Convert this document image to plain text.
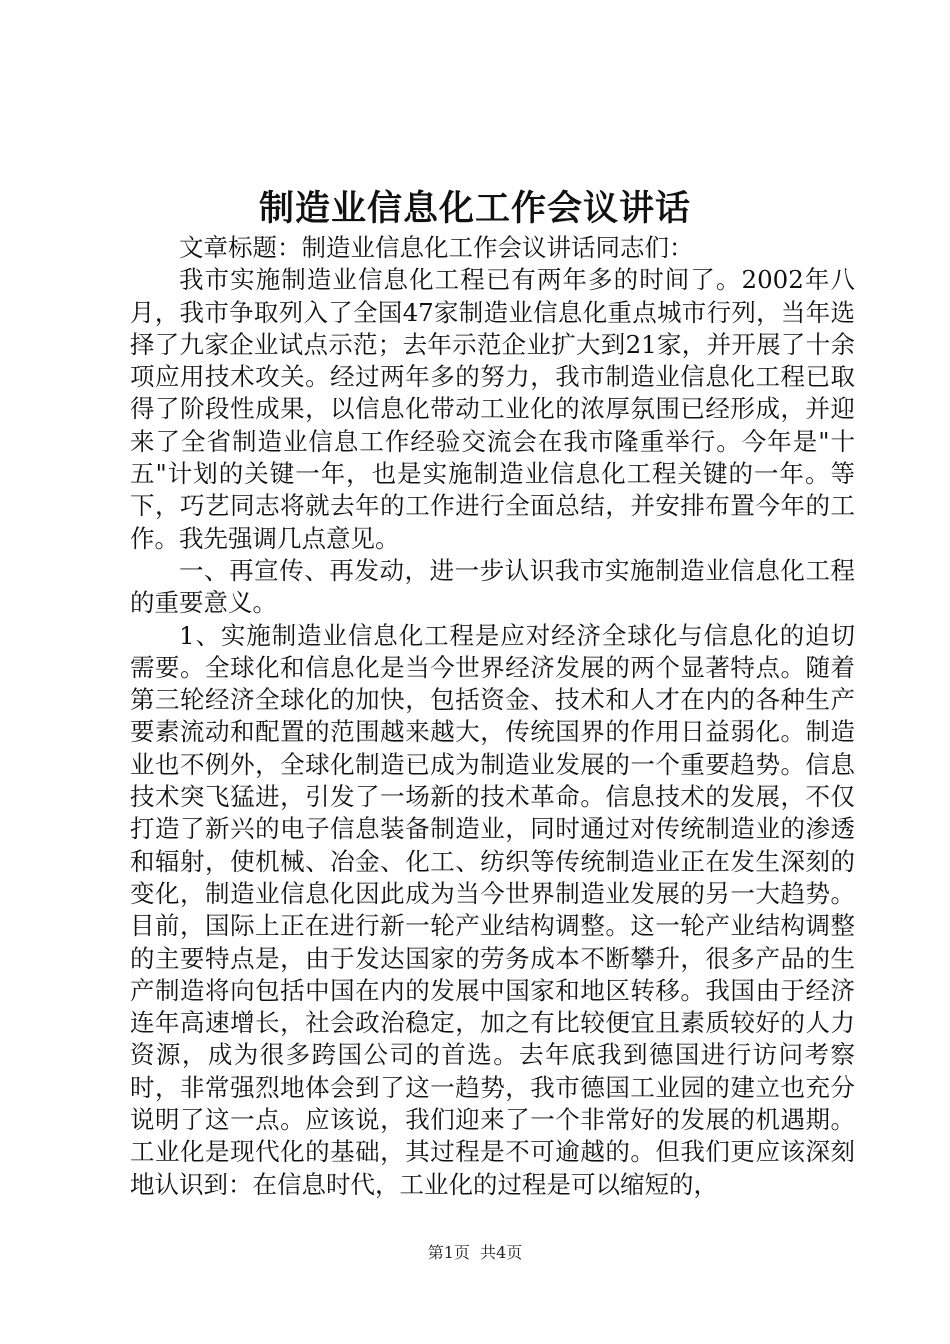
制造业信息化工作会议讲话

文章标题：制造业信息化工作会议讲话同志们：

我市实施制造业信息化工程已有两年多的时间了。2002年八月，我市争取列入了全国47家制造业信息化重点城市行列，当年选择了九家企业试点示范；去年示范企业扩大到21家，并开展了十余项应用技术攻关。经过两年多的努力，我市制造业信息化工程已取得了阶段性成果，以信息化带动工业化的浓厚氛围已经形成，并迎来了全省制造业信息工作经验交流会在我市隆重举行。今年是"十五"计划的关键一年，也是实施制造业信息化工程关键的一年。等下，巧艺同志将就去年的工作进行全面总结，并安排布置今年的工作。我先强调几点意见。

一、再宣传、再发动，进一步认识我市实施制造业信息化工程的重要意义。

1、实施制造业信息化工程是应对经济全球化与信息化的迫切需要。全球化和信息化是当今世界经济发展的两个显著特点。随着第三轮经济全球化的加快，包括资金、技术和人才在内的各种生产要素流动和配置的范围越来越大，传统国界的作用日益弱化。制造业也不例外，全球化制造已成为制造业发展的一个重要趋势。信息技术突飞猛进，引发了一场新的技术革命。信息技术的发展，不仅打造了新兴的电子信息装备制造业，同时通过对传统制造业的渗透和辐射，使机械、冶金、化工、纺织等传统制造业正在发生深刻的变化，制造业信息化因此成为当今世界制造业发展的另一大趋势。目前，国际上正在进行新一轮产业结构调整。这一轮产业结构调整的主要特点是，由于发达国家的劳务成本不断攀升，很多产品的生产制造将向包括中国在内的发展中国家和地区转移。我国由于经济连年高速增长，社会政治稳定，加之有比较便宜且素质较好的人力资源，成为很多跨国公司的首选。去年底我到德国进行访问考察时，非常强烈地体会到了这一趋势，我市德国工业园的建立也充分说明了这一点。应该说，我们迎来了一个非常好的发展的机遇期。工业化是现代化的基础，其过程是不可逾越的。但我们更应该深刻地认识到：在信息时代，工业化的过程是可以缩短的，

第1页  共4页
